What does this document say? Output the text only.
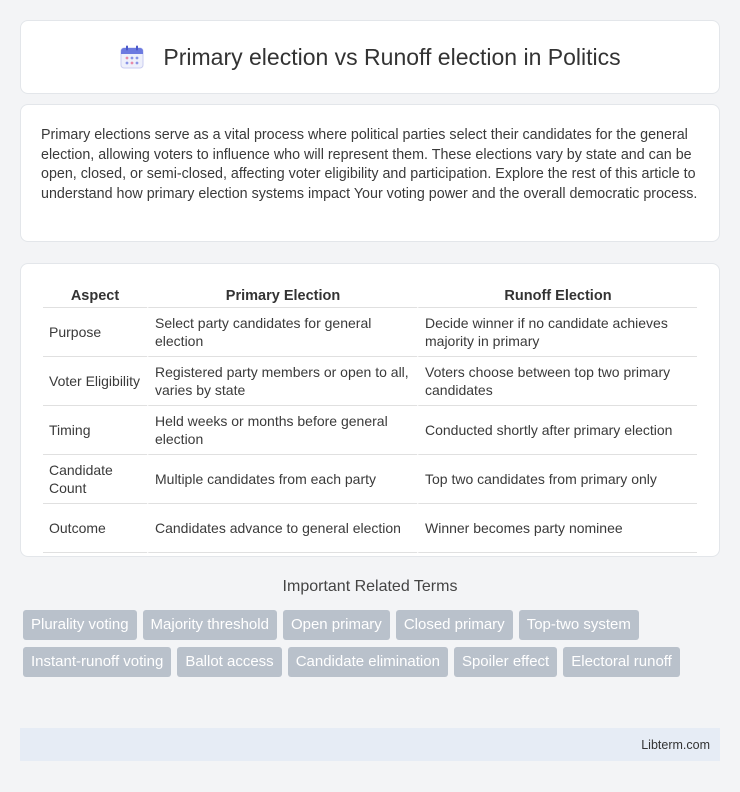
Primary election vs Runoff election in Politics

Primary elections serve as a vital process where political parties select their candidates for the general election, allowing voters to influence who will represent them. These elections vary by state and can be open, closed, or semi-closed, affecting voter eligibility and participation. Explore the rest of this article to understand how primary election systems impact Your voting power and the overall democratic process.

Aspect	Primary Election	Runoff Election
Purpose	Select party candidates for general election	Decide winner if no candidate achieves majority in primary
Voter Eligibility	Registered party members or open to all, varies by state	Voters choose between top two primary candidates
Timing	Held weeks or months before general election	Conducted shortly after primary election
Candidate Count	Multiple candidates from each party	Top two candidates from primary only
Outcome	Candidates advance to general election	Winner becomes party nominee
Important Related Terms
Plurality voting	Majority threshold	Open primary	Closed primary	Top-two system
Instant-runoff voting	Ballot access	Candidate elimination	Spoiler effect	Electoral runoff
Libterm.com
